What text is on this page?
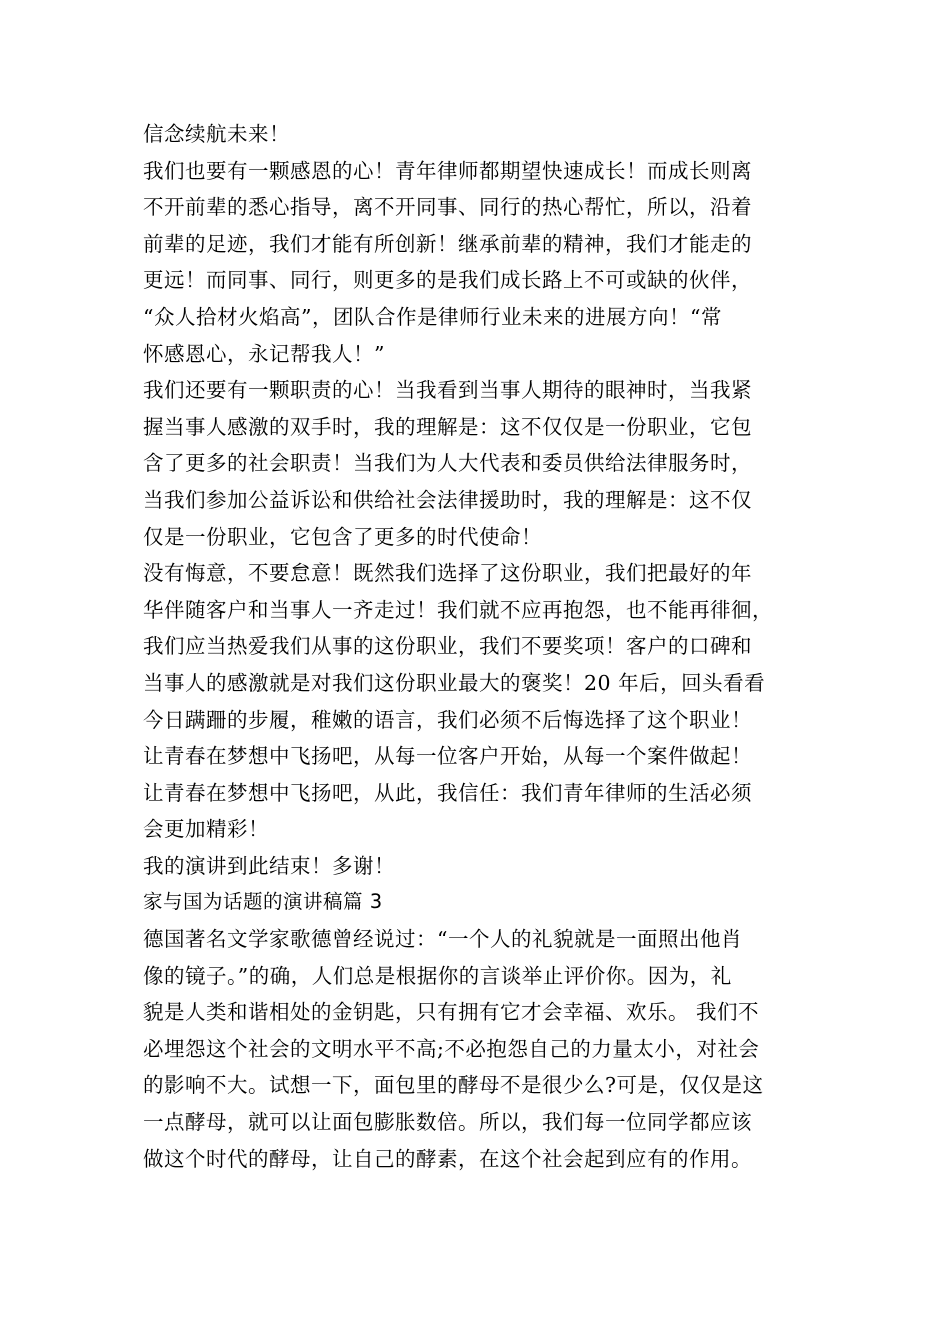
信念续航未来！
我们也要有一颗感恩的心！青年律师都期望快速成长！而成长则离
不开前辈的悉心指导，离不开同事、同行的热心帮忙，所以，沿着
前辈的足迹，我们才能有所创新！继承前辈的精神，我们才能走的
更远！而同事、同行，则更多的是我们成长路上不可或缺的伙伴，
“众人拾材火焰高”，团队合作是律师行业未来的进展方向！“常
怀感恩心，永记帮我人！”
我们还要有一颗职责的心！当我看到当事人期待的眼神时，当我紧
握当事人感激的双手时，我的理解是：这不仅仅是一份职业，它包
含了更多的社会职责！当我们为人大代表和委员供给法律服务时，
当我们参加公益诉讼和供给社会法律援助时，我的理解是：这不仅
仅是一份职业，它包含了更多的时代使命！
没有悔意，不要怠意！既然我们选择了这份职业，我们把最好的年
华伴随客户和当事人一齐走过！我们就不应再抱怨，也不能再徘徊，
我们应当热爱我们从事的这份职业，我们不要奖项！客户的口碑和
当事人的感激就是对我们这份职业最大的褒奖！20 年后，回头看看
今日蹒跚的步履，稚嫩的语言，我们必须不后悔选择了这个职业！
让青春在梦想中飞扬吧，从每一位客户开始，从每一个案件做起！
让青春在梦想中飞扬吧，从此，我信任：我们青年律师的生活必须
会更加精彩！
我的演讲到此结束！多谢！
家与国为话题的演讲稿篇 3
德国著名文学家歌德曾经说过：“一个人的礼貌就是一面照出他肖
像的镜子。”的确，人们总是根据你的言谈举止评价你。因为，礼
貌是人类和谐相处的金钥匙，只有拥有它才会幸福、欢乐。 我们不
必埋怨这个社会的文明水平不高;不必抱怨自己的力量太小，对社会
的影响不大。试想一下，面包里的酵母不是很少么?可是，仅仅是这
一点酵母，就可以让面包膨胀数倍。所以，我们每一位同学都应该
做这个时代的酵母，让自己的酵素，在这个社会起到应有的作用。
